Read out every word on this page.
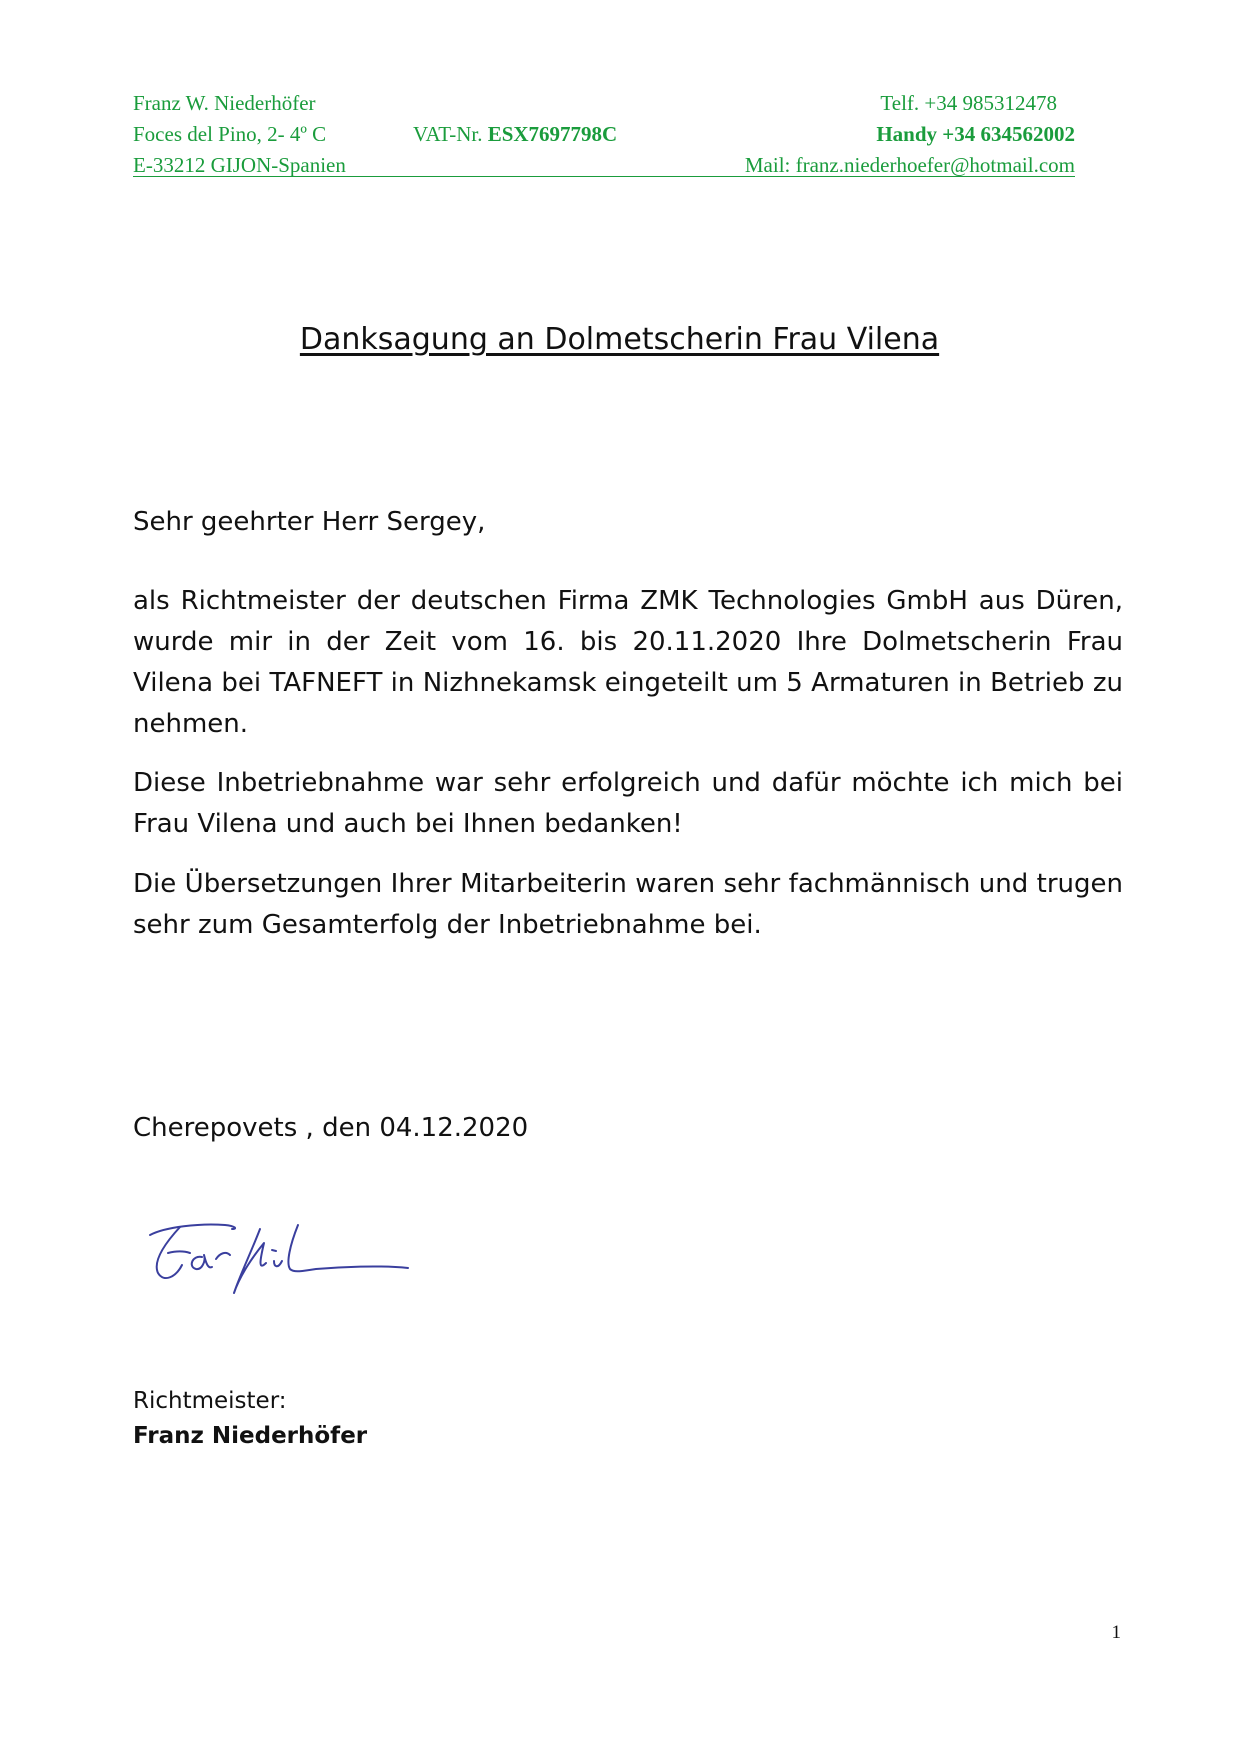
Franz W. Niederhöfer	Telf. +34 985312478
Foces del Pino, 2- 4º C	VAT-Nr. ESX7697798C	Handy +34 634562002
E-33212 GIJON-Spanien	Mail: franz.niederhoefer@hotmail.com
Danksagung an Dolmetscherin Frau Vilena
Sehr geehrter Herr Sergey,

als Richtmeister der deutschen Firma ZMK Technologies GmbH aus Düren, wurde mir in der Zeit vom 16. bis 20.11.2020 Ihre Dolmetscherin Frau Vilena bei TAFNEFT in Nizhnekamsk eingeteilt um 5 Armaturen in Betrieb zu nehmen.

Diese Inbetriebnahme war sehr erfolgreich und dafür möchte ich mich bei Frau Vilena und auch bei Ihnen bedanken!

Die Übersetzungen Ihrer Mitarbeiterin waren sehr fachmännisch und trugen sehr zum Gesamterfolg der Inbetriebnahme bei.

Cherepovets , den 04.12.2020
Richtmeister:
Franz Niederhöfer
1
